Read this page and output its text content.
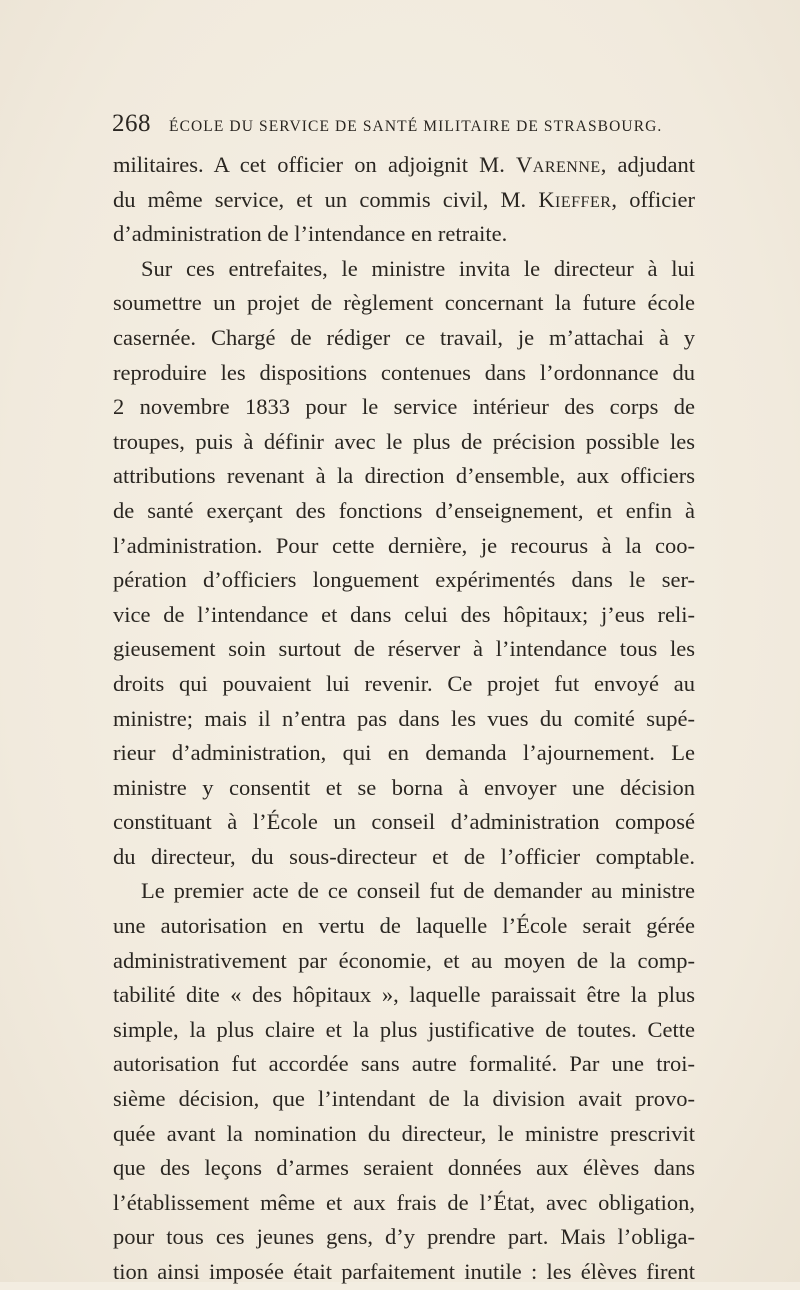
268 ÉCOLE DU SERVICE DE SANTÉ MILITAIRE DE STRASBOURG.
militaires. A cet officier on adjoignit M. Varenne, adjudant
du même service, et un commis civil, M. Kieffer, officier
d’administration de l’intendance en retraite.
Sur ces entrefaites, le ministre invita le directeur à lui
soumettre un projet de règlement concernant la future école
casernée. Chargé de rédiger ce travail, je m’attachai à y
reproduire les dispositions contenues dans l’ordonnance du
2 novembre 1833 pour le service intérieur des corps de
troupes, puis à définir avec le plus de précision possible les
attributions revenant à la direction d’ensemble, aux officiers
de santé exerçant des fonctions d’enseignement, et enfin à
l’administration. Pour cette dernière, je recourus à la coo-
pération d’officiers longuement expérimentés dans le ser-
vice de l’intendance et dans celui des hôpitaux; j’eus reli-
gieusement soin surtout de réserver à l’intendance tous les
droits qui pouvaient lui revenir. Ce projet fut envoyé au
ministre; mais il n’entra pas dans les vues du comité supé-
rieur d’administration, qui en demanda l’ajournement. Le
ministre y consentit et se borna à envoyer une décision
constituant à l’École un conseil d’administration composé
du directeur, du sous-directeur et de l’officier comptable.
Le premier acte de ce conseil fut de demander au ministre
une autorisation en vertu de laquelle l’École serait gérée
administrativement par économie, et au moyen de la comp-
tabilité dite « des hôpitaux », laquelle paraissait être la plus
simple, la plus claire et la plus justificative de toutes. Cette
autorisation fut accordée sans autre formalité. Par une troi-
sième décision, que l’intendant de la division avait provo-
quée avant la nomination du directeur, le ministre prescrivit
que des leçons d’armes seraient données aux élèves dans
l’établissement même et aux frais de l’État, avec obligation,
pour tous ces jeunes gens, d’y prendre part. Mais l’obliga-
tion ainsi imposée était parfaitement inutile : les élèves firent
